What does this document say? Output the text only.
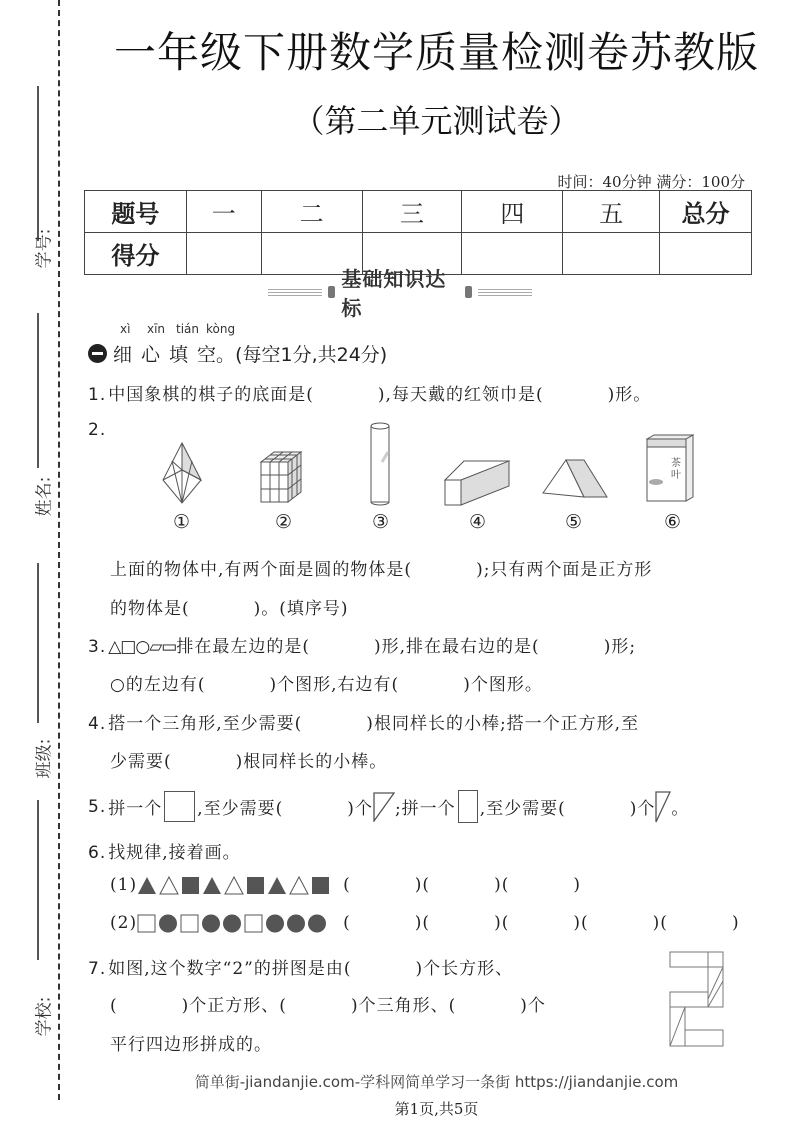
学号:
姓名:
班级:
学校:
一年级下册数学质量检测卷苏教版
（第二单元测试卷）
时间：40分钟 满分：100分
题号	一	二	三	四	五	总分
得分						
基础知识达标
xì xīn tián kòng
细 心 填 空。 (每空1分,共24分)
1. 中国象棋的棋子的底面是(          ),每天戴的红领巾是(          )形。
2.
①	②	③	④	⑤
茶叶
⑥
上面的物体中,有两个面是圆的物体是(          );只有两个面是正方形
的物体是(          )。(填序号)
3. △□○▱▭排在最左边的是(          )形,排在最右边的是(          )形;
○的左边有(          )个图形,右边有(          )个图形。
4. 搭一个三角形,至少需要(          )根同样长的小棒;搭一个正方形,至
少需要(          )根同样长的小棒。
5. 拼一个 ,至少需要(          )个 ;拼一个 ,至少需要(          )个 。
6. 找规律,接着画。
(1)	(          )(          )(          )
(2)	(          )(          )(          )(          )(          )
7. 如图,这个数字“2”的拼图是由(          )个长方形、
(          )个正方形、(          )个三角形、(          )个
平行四边形拼成的。
简单街-jiandanjie.com-学科网简单学习一条街 https://jiandanjie.com
第1页,共5页
